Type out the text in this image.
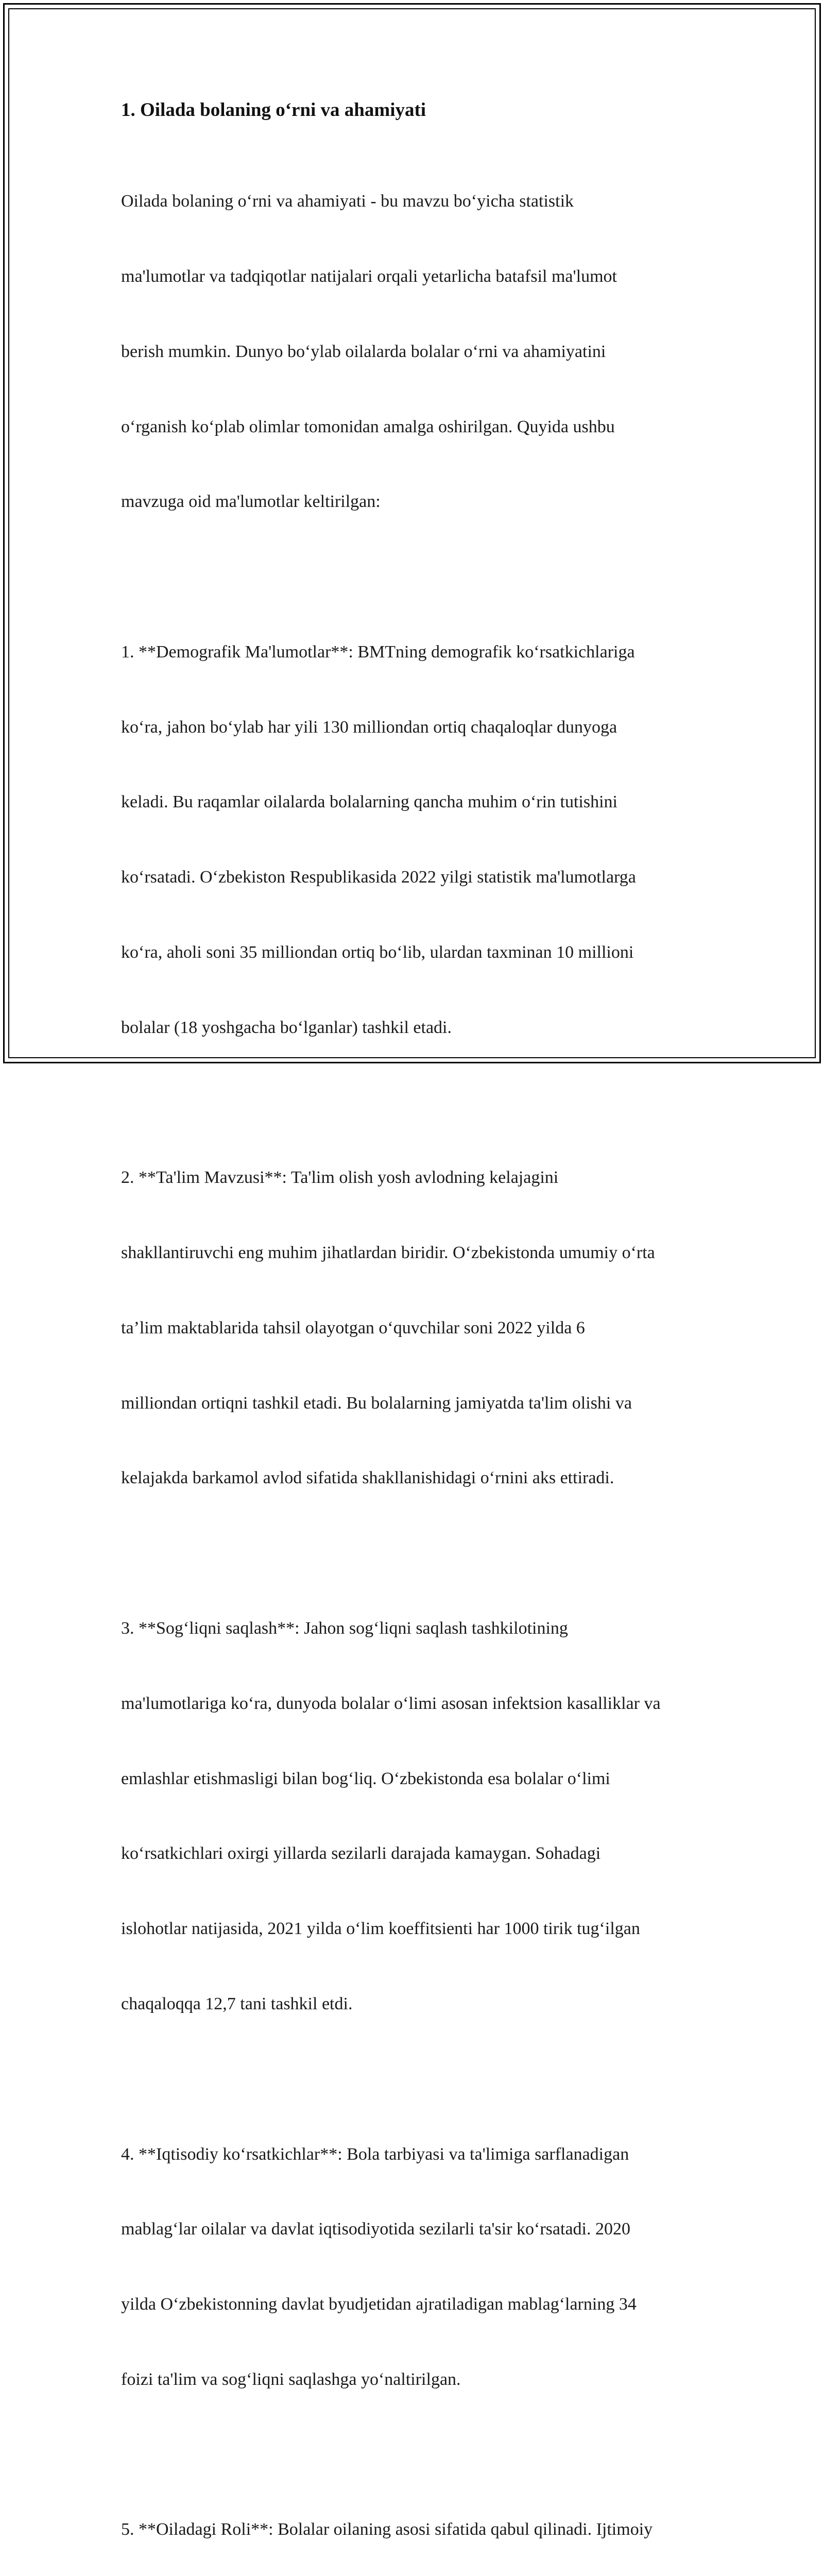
1. Oilada bolaning o‘rni va ahamiyati

Oilada bolaning o‘rni va ahamiyati - bu mavzu bo‘yicha statistik

ma'lumotlar va tadqiqotlar natijalari orqali yetarlicha batafsil ma'lumot

berish mumkin. Dunyo bo‘ylab oilalarda bolalar o‘rni va ahamiyatini

o‘rganish ko‘plab olimlar tomonidan amalga oshirilgan. Quyida ushbu

mavzuga oid ma'lumotlar keltirilgan:

1. **Demografik Ma'lumotlar**: BMTning demografik ko‘rsatkichlariga

ko‘ra, jahon bo‘ylab har yili 130 milliondan ortiq chaqaloqlar dunyoga

keladi. Bu raqamlar oilalarda bolalarning qancha muhim o‘rin tutishini

ko‘rsatadi. O‘zbekiston Respublikasida 2022 yilgi statistik ma'lumotlarga

ko‘ra, aholi soni 35 milliondan ortiq bo‘lib, ulardan taxminan 10 millioni

bolalar (18 yoshgacha bo‘lganlar) tashkil etadi.

2. **Ta'lim Mavzusi**: Ta'lim olish yosh avlodning kelajagini

shakllantiruvchi eng muhim jihatlardan biridir. O‘zbekistonda umumiy o‘rta

ta’lim maktablarida tahsil olayotgan o‘quvchilar soni 2022 yilda 6

milliondan ortiqni tashkil etadi. Bu bolalarning jamiyatda ta'lim olishi va

kelajakda barkamol avlod sifatida shakllanishidagi o‘rnini aks ettiradi.

3. **Sog‘liqni saqlash**: Jahon sog‘liqni saqlash tashkilotining

ma'lumotlariga ko‘ra, dunyoda bolalar o‘limi asosan infektsion kasalliklar va

emlashlar etishmasligi bilan bog‘liq. O‘zbekistonda esa bolalar o‘limi

ko‘rsatkichlari oxirgi yillarda sezilarli darajada kamaygan. Sohadagi

islohotlar natijasida, 2021 yilda o‘lim koeffitsienti har 1000 tirik tug‘ilgan

chaqaloqqa 12,7 tani tashkil etdi.

4. **Iqtisodiy ko‘rsatkichlar**: Bola tarbiyasi va ta'limiga sarflanadigan

mablag‘lar oilalar va davlat iqtisodiyotida sezilarli ta'sir ko‘rsatadi. 2020

yilda O‘zbekistonning davlat byudjetidan ajratiladigan mablag‘larning 34

foizi ta'lim va sog‘liqni saqlashga yo‘naltirilgan.

5. **Oiladagi Roli**: Bolalar oilaning asosi sifatida qabul qilinadi. Ijtimoiy
